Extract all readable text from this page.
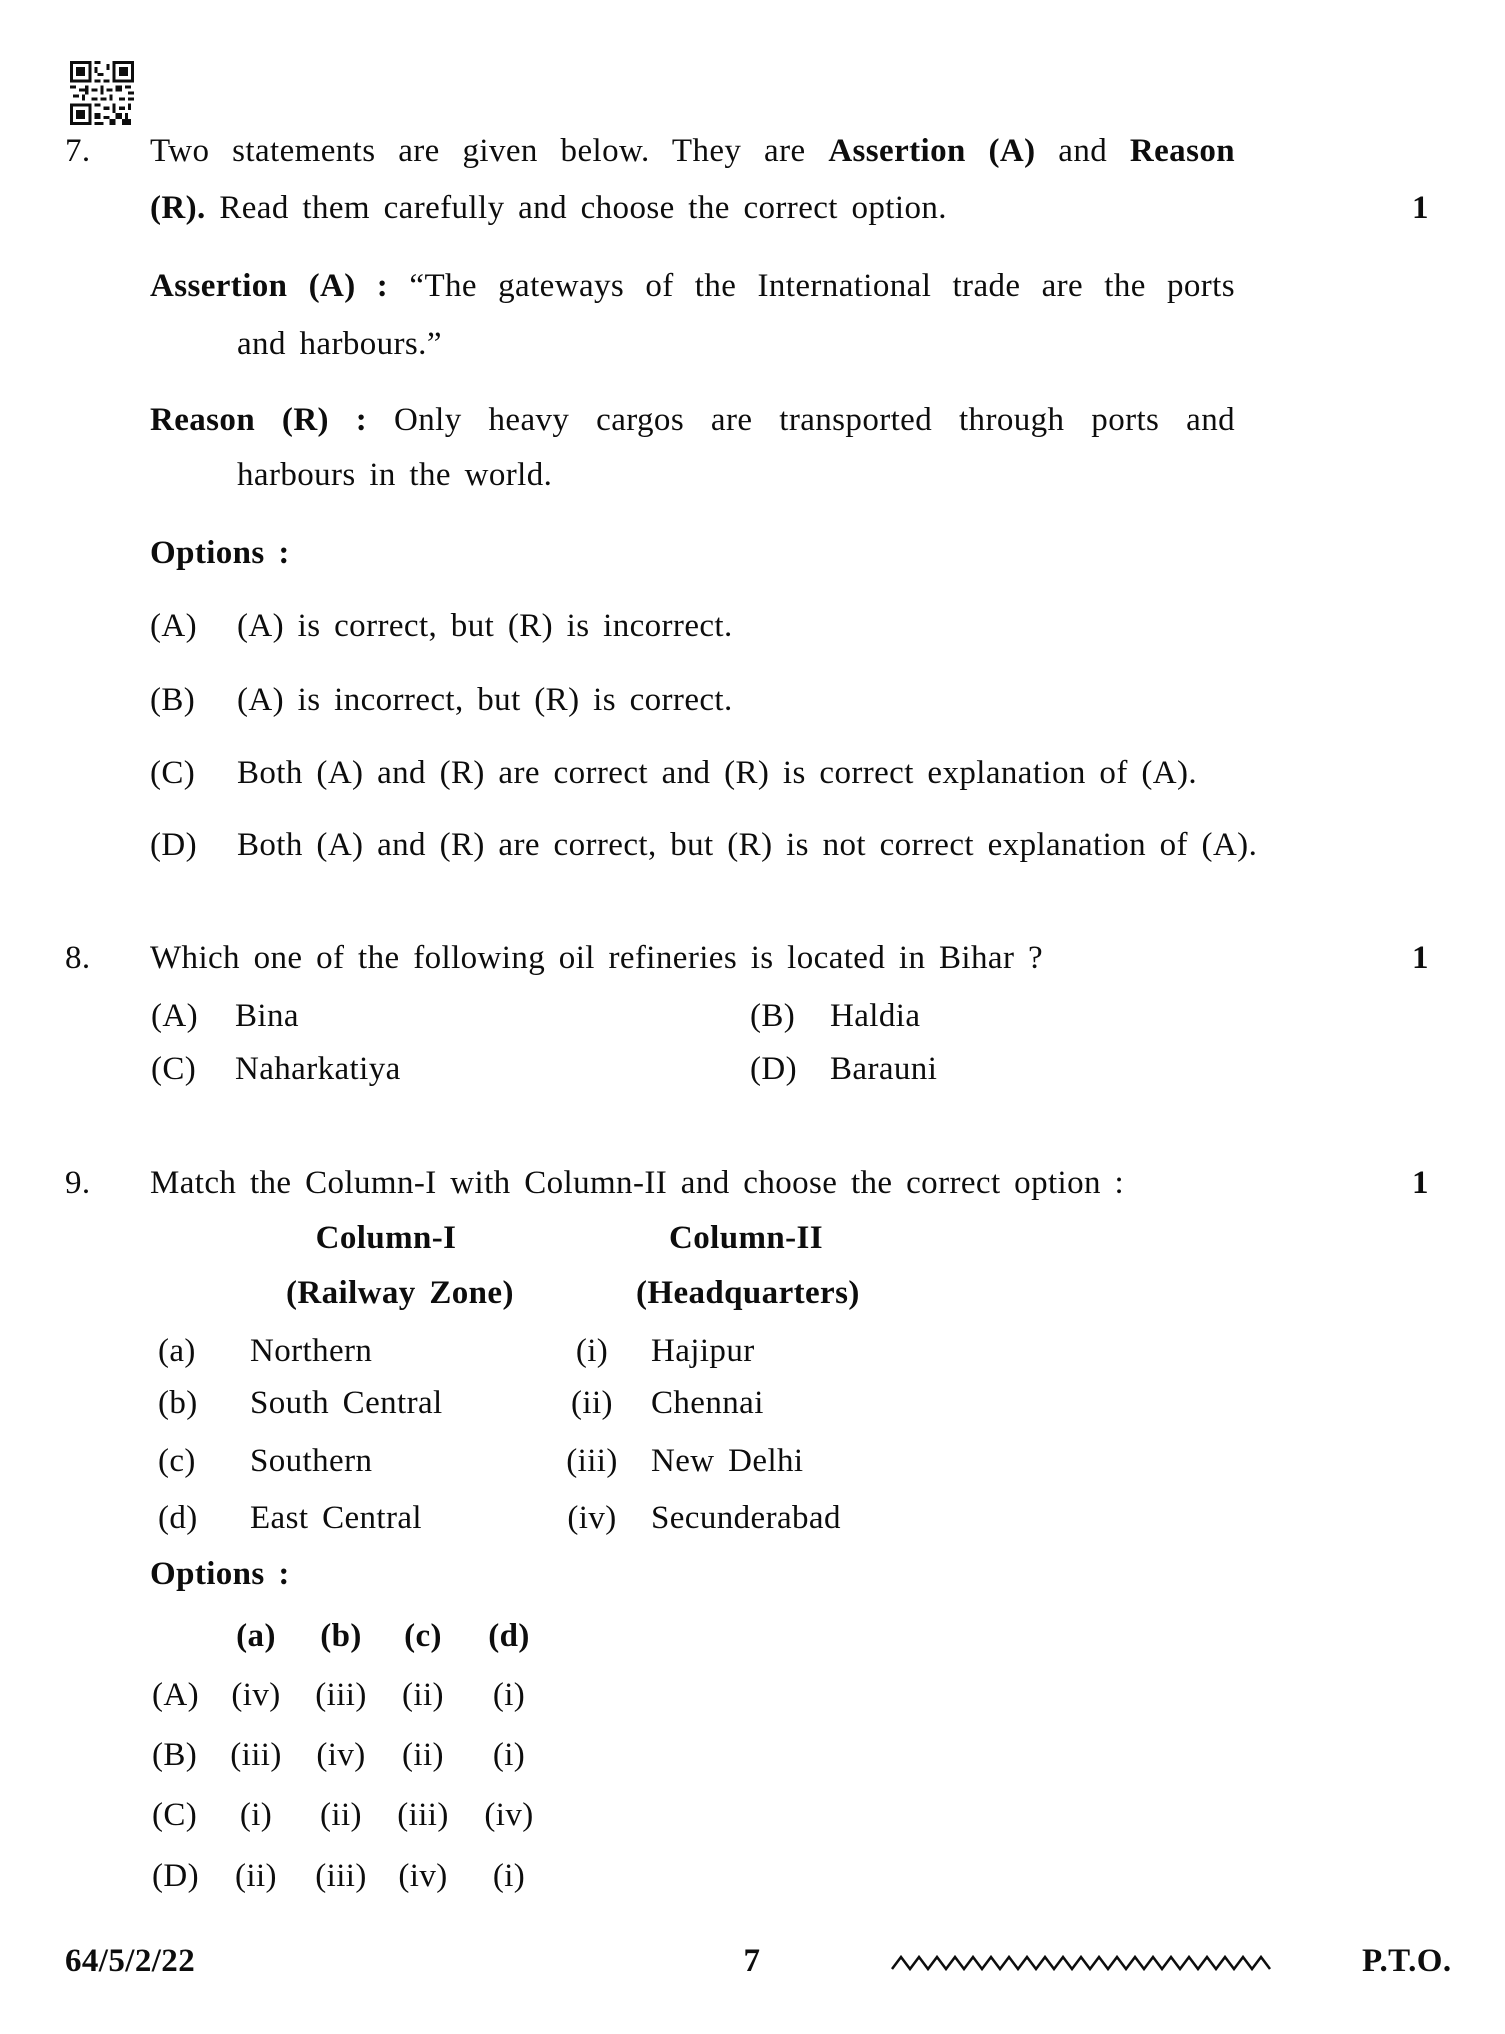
7. Two statements are given below. They are Assertion (A) and Reason
(R). Read them carefully and choose the correct option.	1
Assertion (A) : “The gateways of the International trade are the ports
and harbours.”
Reason (R) : Only heavy cargos are transported through ports and
harbours in the world.
Options :
(A) (A) is correct, but (R) is incorrect.
(B) (A) is incorrect, but (R) is correct.
(C) Both (A) and (R) are correct and (R) is correct explanation of (A).
(D) Both (A) and (R) are correct, but (R) is not correct explanation of (A).
8. Which one of the following oil refineries is located in Bihar ?	1
(A) Bina	(B) Haldia
(C) Naharkatiya	(D) Barauni
9. Match the Column-I with Column-II and choose the correct option :	1
Column-I	Column-II
(Railway Zone)	(Headquarters)
(a) Northern	(i)	Hajipur
(b) South Central	(ii)	Chennai
(c) Southern	(iii)	New Delhi
(d) East Central	(iv)	Secunderabad
Options :
(a)	(b)	(c)	(d)
(A) (iv)	(iii)	(ii)	(i)
(B)	(iii)	(iv)	(ii)	(i)
(C)	(i)	(ii)	(iii)	(iv)
(D)	(ii)	(iii) (iv)	(i)
64/5/2/22	7	P.T.O.
